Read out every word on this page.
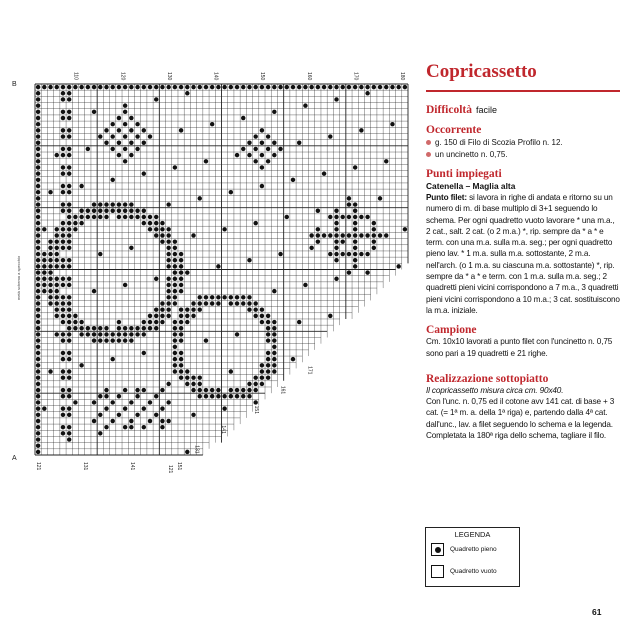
110	120	130	140	150	160	170	180
121	131	141	151
171
161
151
141
131
121
B
A
metà schema a specchio
Copricassetto
Difficoltà facile
Occorrente
g. 150 di Filo di Scozia Profilo n. 12.
un uncinetto n. 0,75.
Punti impiegati
Catenella – Maglia alta

Punto filet: si lavora in righe di andata e ritorno su un numero di m. di base multiplo di 3+1 seguendo lo schema. Per ogni quadretto vuoto lavorare * una m.a., 2 cat., salt. 2 cat. (o 2 m.a.) *, rip. sempre da * a * e term. con una m.a. sulla m.a. seg.; per ogni quadretto pieno lav. * 1 m.a. sulla m.a. sottostante, 2 m.a. nell'arch. (o 1 m.a. su ciascuna m.a. sottostante) *, rip. sempre da * a * e term. con 1 m.a. sulla m.a. seg.; 2 quadretti pieni vicini corrispondono a 7 m.a., 3 quadretti pieni vicini corrispondono a 10 m.a.; 3 cat. sostituiscono la m.a. iniziale.

Campione

Cm. 10x10 lavorati a punto filet con l'uncinetto n. 0,75 sono pari a 19 quadretti e 21 righe.

Realizzazione sottopiatto

Il copricassetto misura circa cm. 90x40.
Con l'unc. n. 0,75 ed il cotone avv 141 cat. di base + 3 cat. (= 1ª m. a. della 1ª riga) e, partendo dalla 4ª cat. dall'unc., lav. a filet seguendo lo schema e la legenda. Completata la 180ª riga dello schema, tagliare il filo.

LEGENDA
Quadretto pieno
Quadretto vuoto
61
